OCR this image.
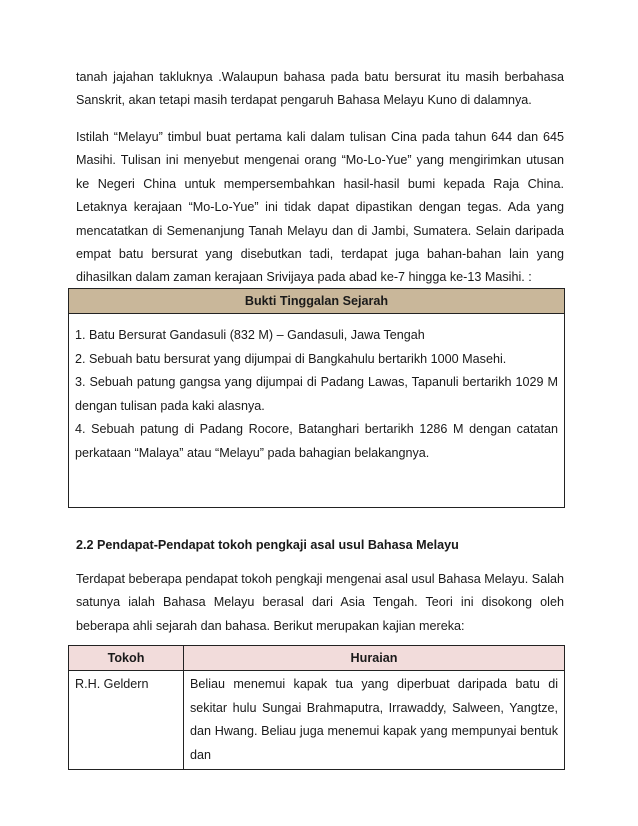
tanah jajahan takluknya .Walaupun bahasa pada batu bersurat itu masih berbahasa Sanskrit, akan tetapi masih terdapat pengaruh Bahasa Melayu Kuno di dalamnya.

Istilah “Melayu” timbul buat pertama kali dalam tulisan Cina pada tahun 644 dan 645 Masihi. Tulisan ini menyebut mengenai orang “Mo-Lo-Yue” yang mengirimkan utusan ke Negeri China untuk mempersembahkan hasil-hasil bumi kepada Raja China. Letaknya kerajaan “Mo-Lo-Yue” ini tidak dapat dipastikan dengan tegas. Ada yang mencatatkan di Semenanjung Tanah Melayu dan di Jambi, Sumatera. Selain daripada empat batu bersurat yang disebutkan tadi, terdapat juga bahan-bahan lain yang dihasilkan dalam zaman kerajaan Srivijaya pada abad ke-7 hingga ke-13 Masihi. :

Bukti Tinggalan Sejarah

1. Batu Bersurat Gandasuli (832 M) – Gandasuli, Jawa Tengah

2. Sebuah batu bersurat yang dijumpai di Bangkahulu bertarikh 1000 Masehi.

3. Sebuah patung gangsa yang dijumpai di Padang Lawas, Tapanuli bertarikh 1029 M dengan tulisan pada kaki alasnya.

4. Sebuah patung di Padang Rocore, Batanghari bertarikh 1286 M dengan catatan perkataan “Malaya” atau “Melayu” pada bahagian belakangnya.

2.2 Pendapat-Pendapat tokoh pengkaji asal usul Bahasa Melayu

Terdapat beberapa pendapat tokoh pengkaji mengenai asal usul Bahasa Melayu. Salah satunya ialah Bahasa Melayu berasal dari Asia Tengah. Teori ini disokong oleh beberapa ahli sejarah dan bahasa. Berikut merupakan kajian mereka:

Tokoh	Huraian
R.H. Geldern	Beliau menemui kapak tua yang diperbuat daripada batu di sekitar hulu Sungai Brahmaputra, Irrawaddy, Salween, Yangtze, dan Hwang. Beliau juga menemui kapak yang mempunyai bentuk dan
